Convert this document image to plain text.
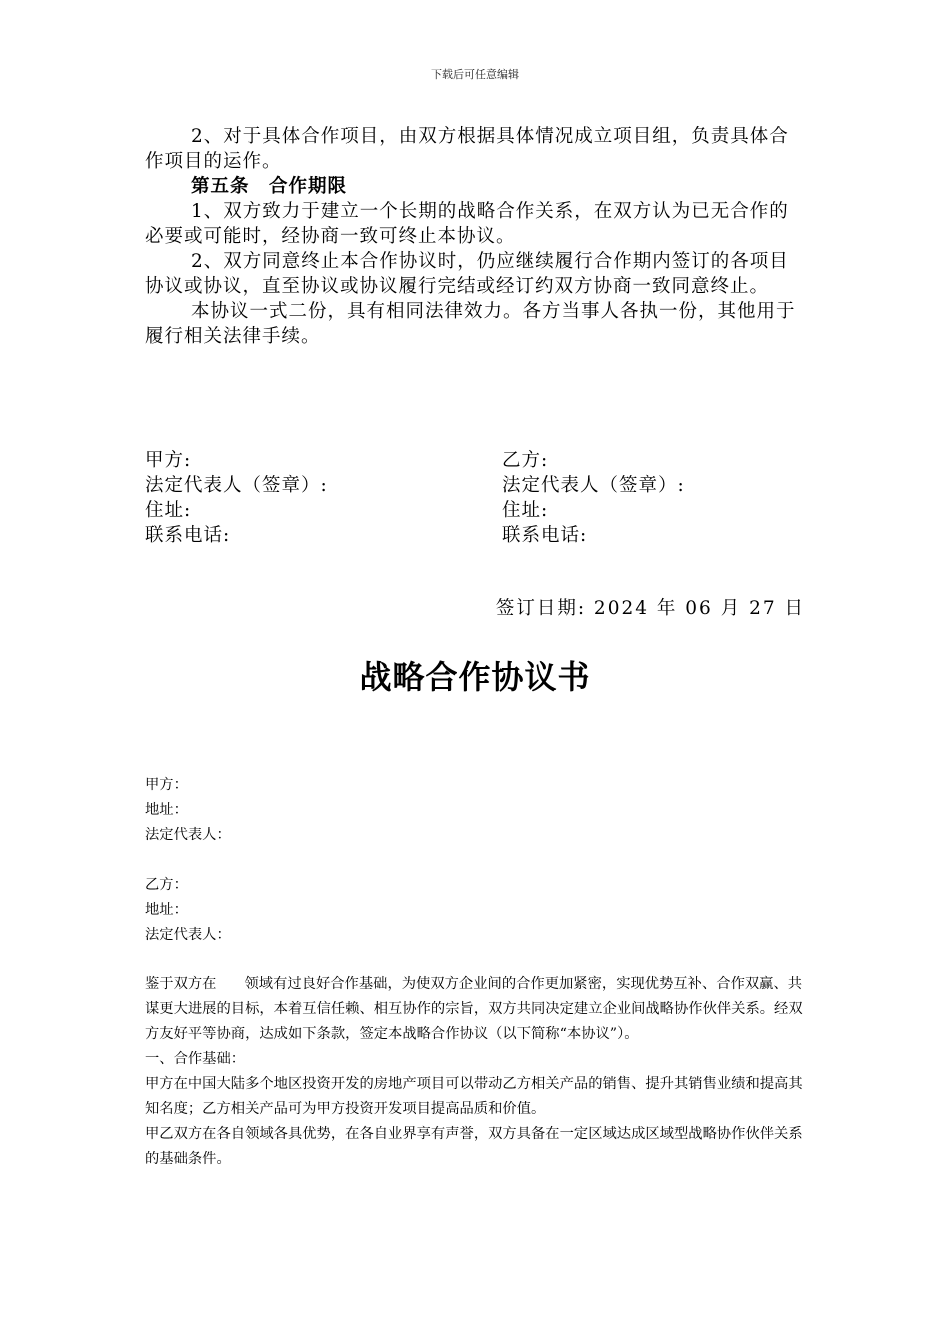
下载后可任意编辑

2、对于具体合作项目，由双方根据具体情况成立项目组，负责具体合作项目的运作。

第五条　合作期限

1、双方致力于建立一个长期的战略合作关系，在双方认为已无合作的必要或可能时，经协商一致可终止本协议。

2、双方同意终止本合作协议时，仍应继续履行合作期内签订的各项目协议或协议，直至协议或协议履行完结或经订约双方协商一致同意终止。

本协议一式二份，具有相同法律效力。各方当事人各执一份，其他用于履行相关法律手续。

甲方:	乙方:
法定代表人（签章）:	法定代表人（签章）:
住址:	住址:
联系电话:	联系电话:
签订日期: 2024 年 06 月 27 日
战略合作协议书

甲方：

地址：

法定代表人：

乙方：

地址：

法定代表人：

鉴于双方在 领域有过良好合作基础，为使双方企业间的合作更加紧密，实现优势互补、合作双赢、共谋更大进展的目标，本着互信任赖、相互协作的宗旨，双方共同决定建立企业间战略协作伙伴关系。经双方友好平等协商，达成如下条款，签定本战略合作协议（以下简称“本协议”）。

一、合作基础：

甲方在中国大陆多个地区投资开发的房地产项目可以带动乙方相关产品的销售、提升其销售业绩和提高其知名度；乙方相关产品可为甲方投资开发项目提高品质和价值。

甲乙双方在各自领域各具优势，在各自业界享有声誉，双方具备在一定区域达成区域型战略协作伙伴关系的基础条件。
